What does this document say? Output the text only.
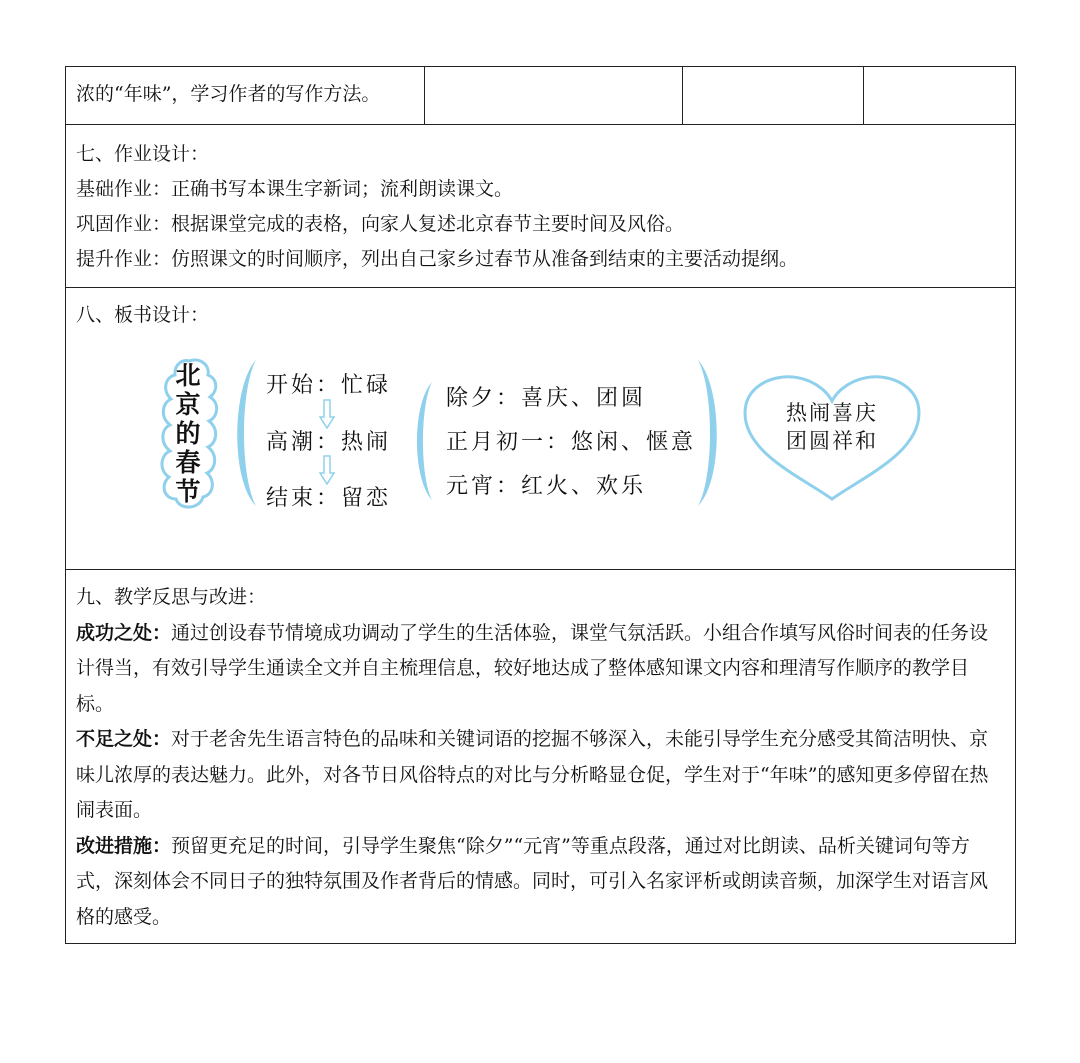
浓的“年味”，学习作者的写作方法。

七、作业设计：

基础作业：正确书写本课生字新词；流利朗读课文。

巩固作业：根据课堂完成的表格，向家人复述北京春节主要时间及风俗。

提升作业：仿照课文的时间顺序，列出自己家乡过春节从准备到结束的主要活动提纲。

八、板书设计：
北
京
的
春
节
开始：忙碌
高潮：热闹
结束：留恋
除夕：喜庆、团圆
正月初一：悠闲、惬意
元宵：红火、欢乐
热闹喜庆
团圆祥和

九、教学反思与改进：

成功之处：通过创设春节情境成功调动了学生的生活体验，课堂气氛活跃。小组合作填写风俗时间表的任务设计得当，有效引导学生通读全文并自主梳理信息，较好地达成了整体感知课文内容和理清写作顺序的教学目标。

不足之处：对于老舍先生语言特色的品味和关键词语的挖掘不够深入，未能引导学生充分感受其简洁明快、京味儿浓厚的表达魅力。此外，对各节日风俗特点的对比与分析略显仓促，学生对于“年味”的感知更多停留在热闹表面。

改进措施：预留更充足的时间，引导学生聚焦“除夕”“元宵”等重点段落，通过对比朗读、品析关键词句等方式，深刻体会不同日子的独特氛围及作者背后的情感。同时，可引入名家评析或朗读音频，加深学生对语言风格的感受。
